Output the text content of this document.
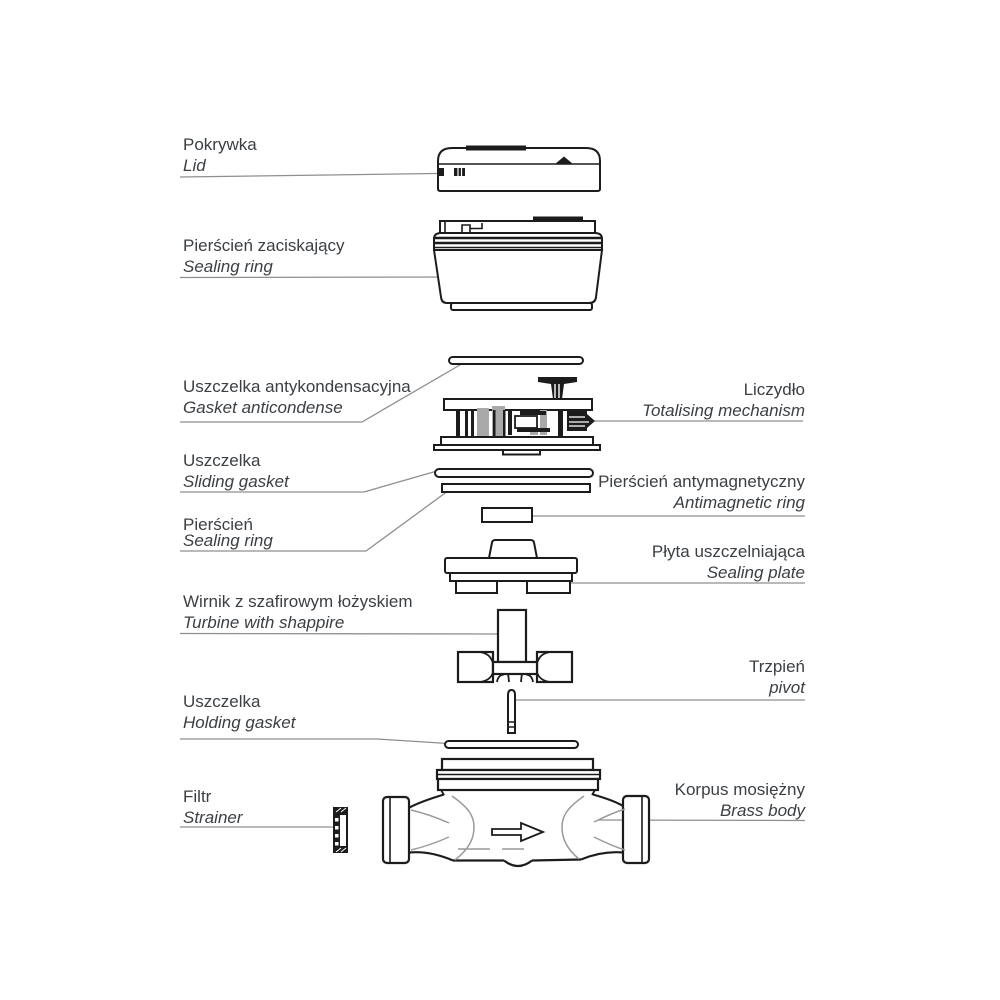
Pokrywka
Lid
Pierścień zaciskający
Sealing ring
Uszczelka antykondensacyjna
Gasket anticondense
Uszczelka
Sliding gasket
Pierścień
Sealing ring
Wirnik z szafirowym łożyskiem
Turbine with shappire
Uszczelka
Holding gasket
Filtr
Strainer
Liczydło
Totalising mechanism
Pierścień antymagnetyczny
Antimagnetic ring
Płyta uszczelniająca
Sealing plate
Trzpień
pivot
Korpus mosiężny
Brass body
